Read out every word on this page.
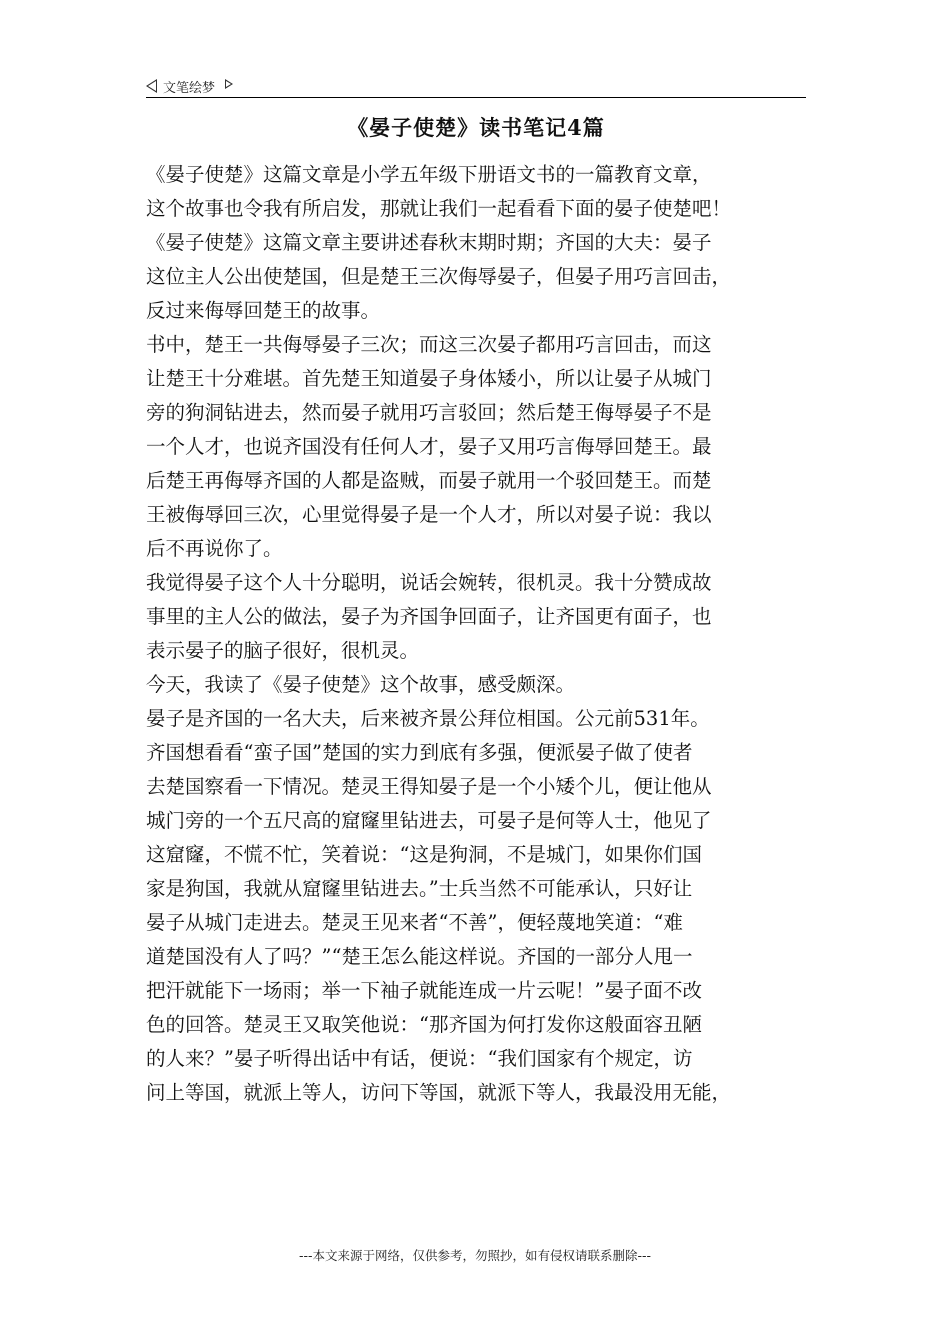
文笔绘梦
《晏子使楚》读书笔记4篇
《晏子使楚》这篇文章是小学五年级下册语文书的一篇教育文章，
这个故事也令我有所启发，那就让我们一起看看下面的晏子使楚吧！
《晏子使楚》这篇文章主要讲述春秋末期时期；齐国的大夫：晏子
这位主人公出使楚国，但是楚王三次侮辱晏子，但晏子用巧言回击，
反过来侮辱回楚王的故事。
书中，楚王一共侮辱晏子三次；而这三次晏子都用巧言回击，而这
让楚王十分难堪。首先楚王知道晏子身体矮小，所以让晏子从城门
旁的狗洞钻进去，然而晏子就用巧言驳回；然后楚王侮辱晏子不是
一个人才，也说齐国没有任何人才，晏子又用巧言侮辱回楚王。最
后楚王再侮辱齐国的人都是盗贼，而晏子就用一个驳回楚王。而楚
王被侮辱回三次，心里觉得晏子是一个人才，所以对晏子说：我以
后不再说你了。
我觉得晏子这个人十分聪明，说话会婉转，很机灵。我十分赞成故
事里的主人公的做法，晏子为齐国争回面子，让齐国更有面子，也
表示晏子的脑子很好，很机灵。
今天，我读了《晏子使楚》这个故事，感受颇深。
晏子是齐国的一名大夫，后来被齐景公拜位相国。公元前531年。
齐国想看看“蛮子国”楚国的实力到底有多强，便派晏子做了使者
去楚国察看一下情况。楚灵王得知晏子是一个小矮个儿，便让他从
城门旁的一个五尺高的窟窿里钻进去，可晏子是何等人士，他见了
这窟窿，不慌不忙，笑着说：“这是狗洞，不是城门，如果你们国
家是狗国，我就从窟窿里钻进去。”士兵当然不可能承认，只好让
晏子从城门走进去。楚灵王见来者“不善”，便轻蔑地笑道：“难
道楚国没有人了吗？”“楚王怎么能这样说。齐国的一部分人甩一
把汗就能下一场雨；举一下袖子就能连成一片云呢！”晏子面不改
色的回答。楚灵王又取笑他说：“那齐国为何打发你这般面容丑陋
的人来？”晏子听得出话中有话，便说：“我们国家有个规定，访
问上等国，就派上等人，访问下等国，就派下等人，我最没用无能，
---本文来源于网络，仅供参考，勿照抄，如有侵权请联系删除---
